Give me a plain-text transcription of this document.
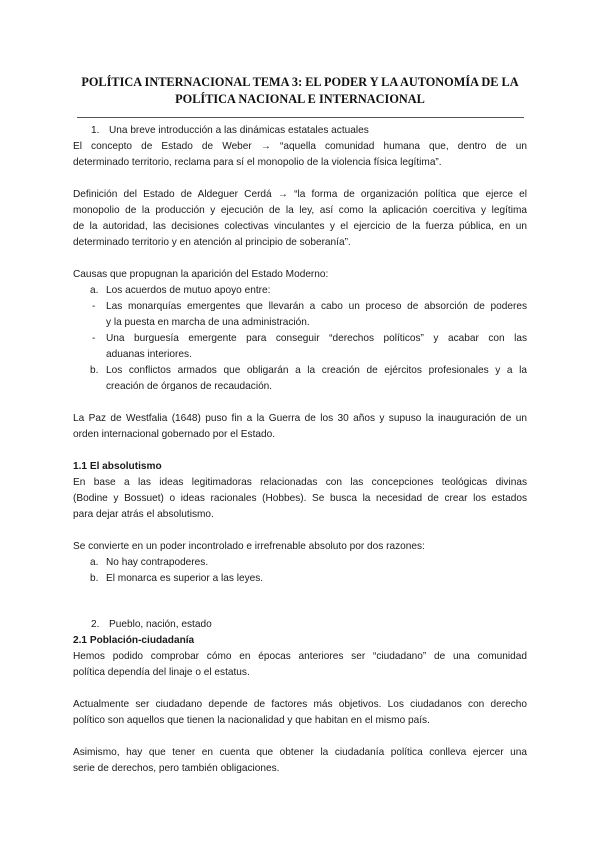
POLÍTICA INTERNACIONAL TEMA 3: EL PODER Y LA AUTONOMÍA DE LA
POLÍTICA NACIONAL E INTERNACIONAL
1. Una breve introducción a las dinámicas estatales actuales
El concepto de Estado de Weber → “aquella comunidad humana que, dentro de un
determinado territorio, reclama para sí el monopolio de la violencia física legítima”.
Definición del Estado de Aldeguer Cerdá → “la forma de organización política que ejerce el
monopolio de la producción y ejecución de la ley, así como la aplicación coercitiva y legítima
de la autoridad, las decisiones colectivas vinculantes y el ejercicio de la fuerza pública, en un
determinado territorio y en atención al principio de soberanía”.
Causas que propugnan la aparición del Estado Moderno:
a. Los acuerdos de mutuo apoyo entre:
- Las monarquías emergentes que llevarán a cabo un proceso de absorción de poderes
y la puesta en marcha de una administración.
- Una burguesía emergente para conseguir “derechos políticos” y acabar con las
aduanas interiores.
b. Los conflictos armados que obligarán a la creación de ejércitos profesionales y a la
creación de órganos de recaudación.
La Paz de Westfalia (1648) puso fin a la Guerra de los 30 años y supuso la inauguración de un
orden internacional gobernado por el Estado.
1.1 El absolutismo
En base a las ideas legitimadoras relacionadas con las concepciones teológicas divinas
(Bodine y Bossuet) o ideas racionales (Hobbes). Se busca la necesidad de crear los estados
para dejar atrás el absolutismo.
Se convierte en un poder incontrolado e irrefrenable absoluto por dos razones:
a. No hay contrapoderes.
b. El monarca es superior a las leyes.
2. Pueblo, nación, estado
2.1 Población-ciudadanía
Hemos podido comprobar cómo en épocas anteriores ser “ciudadano” de una comunidad
política dependía del linaje o el estatus.
Actualmente ser ciudadano depende de factores más objetivos. Los ciudadanos con derecho
político son aquellos que tienen la nacionalidad y que habitan en el mismo país.
Asimismo, hay que tener en cuenta que obtener la ciudadanía política conlleva ejercer una
serie de derechos, pero también obligaciones.
